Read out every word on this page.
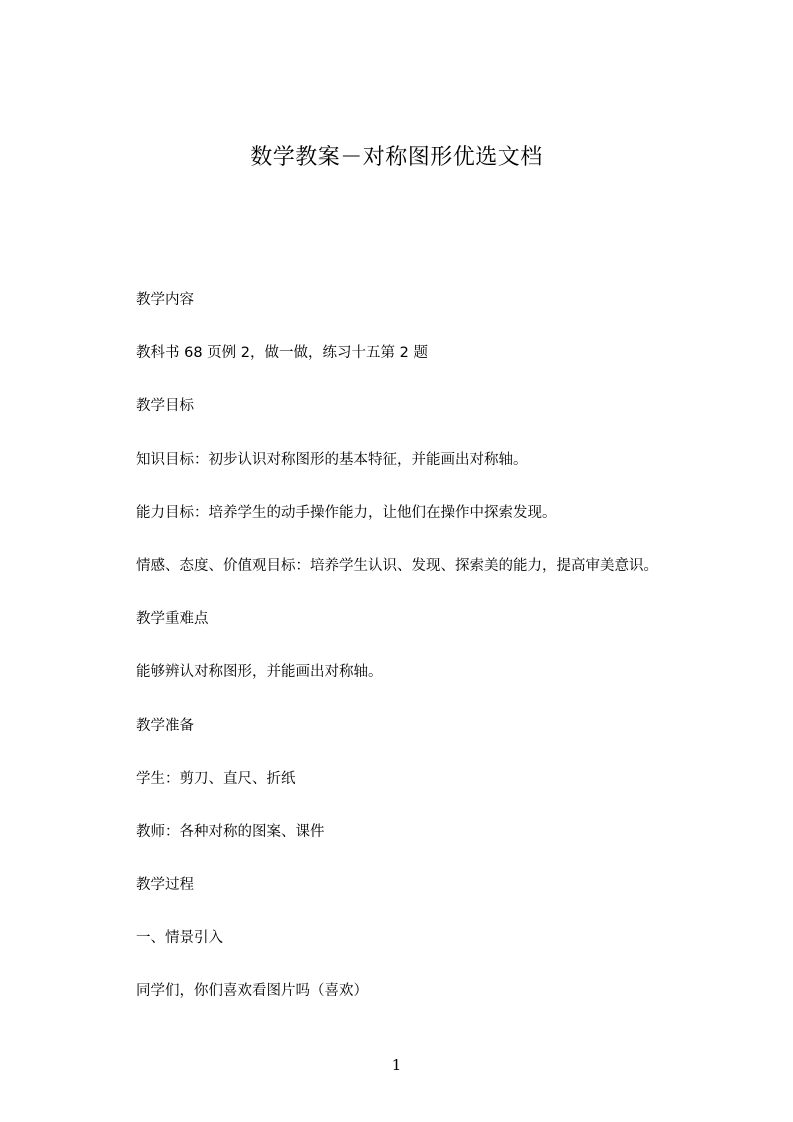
数学教案－对称图形优选文档
教学内容
教科书 68 页例 2，做一做，练习十五第 2 题
教学目标
知识目标：初步认识对称图形的基本特征，并能画出对称轴。
能力目标：培养学生的动手操作能力，让他们在操作中探索发现。
情感、态度、价值观目标：培养学生认识、发现、探索美的能力，提高审美意识。
教学重难点
能够辨认对称图形，并能画出对称轴。
教学准备
学生：剪刀、直尺、折纸
教师：各种对称的图案、课件
教学过程
一、情景引入
同学们，你们喜欢看图片吗（喜欢）
1
